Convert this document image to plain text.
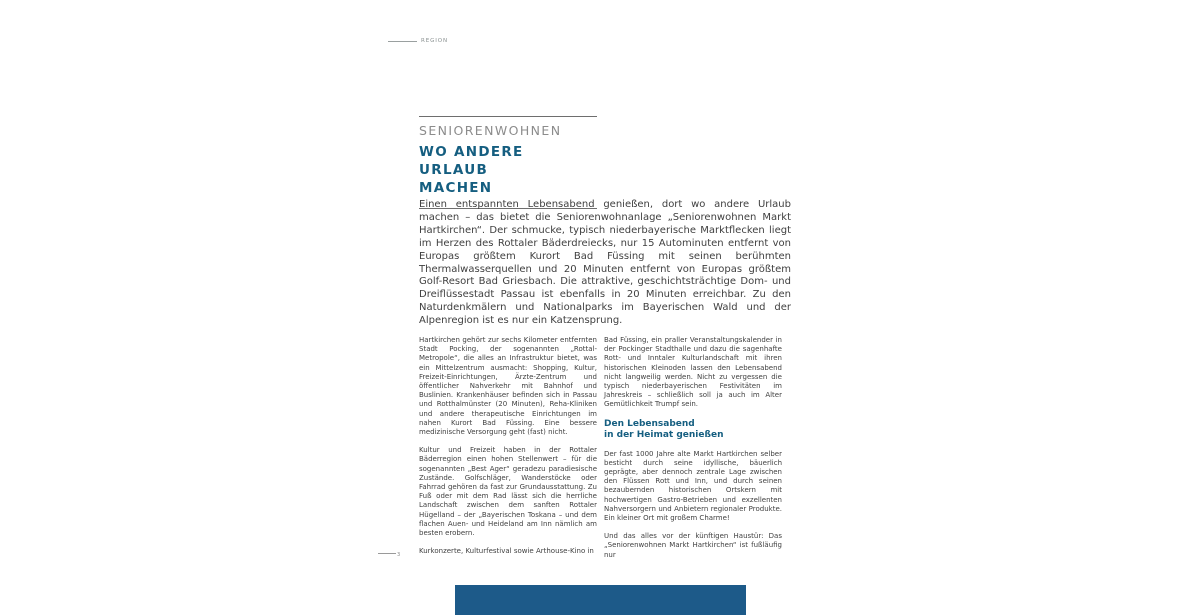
REGION
SENIORENWOHNEN
WO ANDERE URLAUB
MACHEN

Einen entspannten Lebensabend genießen, dort wo andere Urlaub machen – das bietet die Seniorenwohnanlage „Seniorenwohnen Markt Hartkirchen“. Der schmucke, typisch niederbayerische Marktflecken liegt im Herzen des Rottaler Bäderdreiecks, nur 15 Autominuten entfernt von Europas größtem Kurort Bad Füssing mit seinen berühmten Thermalwasserquellen und 20 Minuten entfernt von Europas größtem Golf-Resort Bad Griesbach. Die attraktive, geschichtsträchtige Dom- und Dreiflüssestadt Passau ist ebenfalls in 20 Minuten erreichbar. Zu den Naturdenkmälern und Nationalparks im Bayerischen Wald und der Alpenregion ist es nur ein Katzensprung.

Hartkirchen gehört zur sechs Kilometer entfernten Stadt Pocking, der sogenannten „Rottal-Metropole“, die alles an Infrastruktur bietet, was ein Mittelzentrum ausmacht: Shopping, Kultur, Freizeit-Einrichtungen, Ärzte-Zentrum und öffentlicher Nahverkehr mit Bahnhof und Buslinien. Krankenhäuser befinden sich in Passau und Rotthalmünster (20 Minuten), Reha-Kliniken und andere therapeutische Einrichtungen im nahen Kurort Bad Füssing. Eine bessere medizinische Versorgung geht (fast) nicht.

Kultur und Freizeit haben in der Rottaler Bäderregion einen hohen Stellenwert – für die sogenannten „Best Ager“ geradezu paradiesische Zustände. Golfschläger, Wanderstöcke oder Fahrrad gehören da fast zur Grundausstattung. Zu Fuß oder mit dem Rad lässt sich die herrliche Landschaft zwischen dem sanften Rottaler Hügelland – der „Bayerischen Toskana – und dem flachen Auen- und Heideland am Inn nämlich am besten erobern.

Kurkonzerte, Kulturfestival sowie Arthouse-Kino in

Bad Füssing, ein praller Veranstaltungskalender in der Pockinger Stadthalle und dazu die sagenhafte Rott- und Inntaler Kulturlandschaft mit ihren historischen Kleinoden lassen den Lebensabend nicht langweilig werden. Nicht zu vergessen die typisch niederbayerischen Festivitäten im Jahreskreis – schließlich soll ja auch im Alter Gemütlichkeit Trumpf sein.

Den Lebensabend
in der Heimat genießen

Der fast 1000 Jahre alte Markt Hartkirchen selber besticht durch seine idyllische, bäuerlich geprägte, aber dennoch zentrale Lage zwischen den Flüssen Rott und Inn, und durch seinen bezaubernden historischen Ortskern mit hochwertigen Gastro-Betrieben und exzellenten Nahversorgern und Anbietern regionaler Produkte. Ein kleiner Ort mit großem Charme!

Und das alles vor der künftigen Haustür: Das „Seniorenwohnen Markt Hartkirchen“ ist fußläufig nur

3
